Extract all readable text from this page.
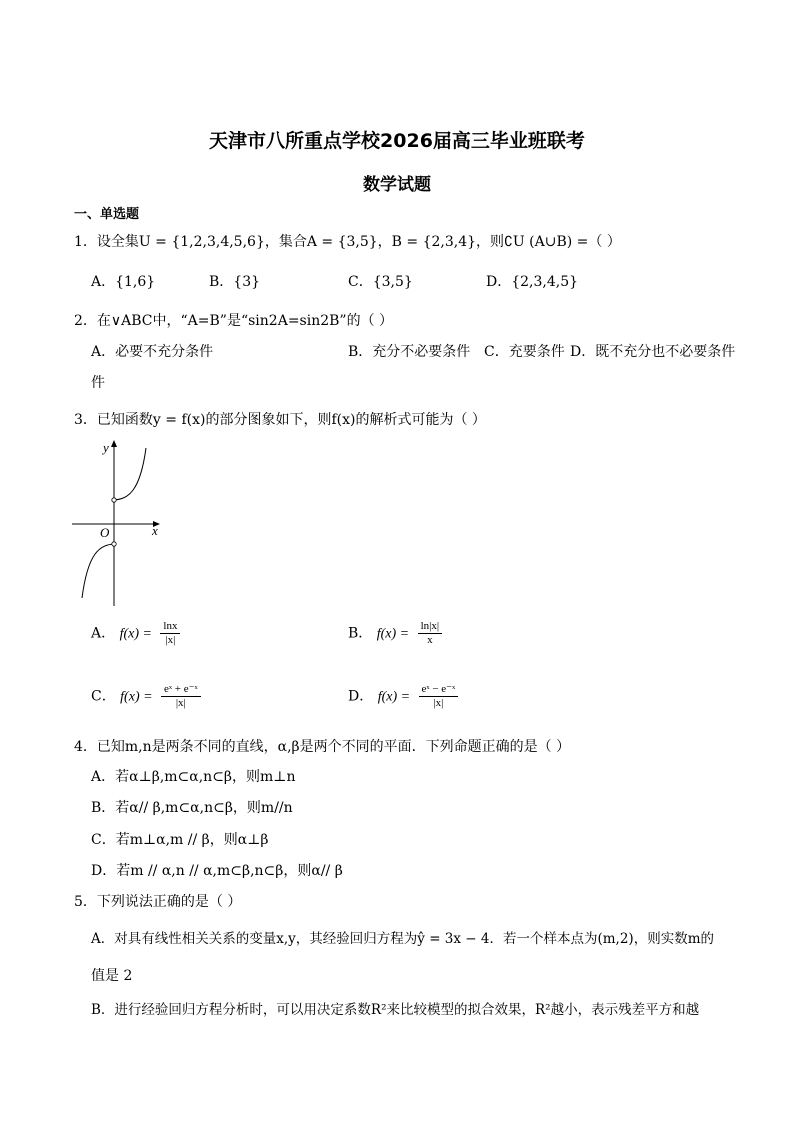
天津市八所重点学校2026届高三毕业班联考
数学试题
一、单选题
1．设全集U = {1,2,3,4,5,6}，集合A = {3,5}，B = {2,3,4}，则∁U (A∪B) =（ ）
A．{1,6}	B．{3}	C．{3,5}	D．{2,3,4,5}
2．在∨ABC中，“A=B”是“sin2A=sin2B”的（ ）
A．必要不充分条件	B．充分不必要条件 C．充要条件 D．既不充分也不必要条件
件
3．已知函数y = f(x)的部分图象如下，则f(x)的解析式可能为（ ）
y
x
O
A． $f(x) = \frac{\ln x}{|x|}$	B． $f(x) = \frac{\ln|x|}{x}$
C． $f(x) = \frac{\text{eˣ + e⁻ˣ}}{|x|}$	D． $f(x) = \frac{\text{eˣ − e⁻ˣ}}{|x|}$
4．已知m,n是两条不同的直线，α,β是两个不同的平面．下列命题正确的是（ ）
A．若α⊥β,m⊂α,n⊂β，则m⊥n
B．若α// β,m⊂α,n⊂β，则m//n
C．若m⊥α,m // β，则α⊥β
D．若m // α,n // α,m⊂β,n⊂β，则α// β
5．下列说法正确的是（ ）
A．对具有线性相关关系的变量x,y，其经验回归方程为ŷ = 3x − 4．若一个样本点为(m,2)，则实数m的
值是 2
B．进行经验回归方程分析时，可以用决定系数R²来比较模型的拟合效果，R²越小，表示残差平方和越
